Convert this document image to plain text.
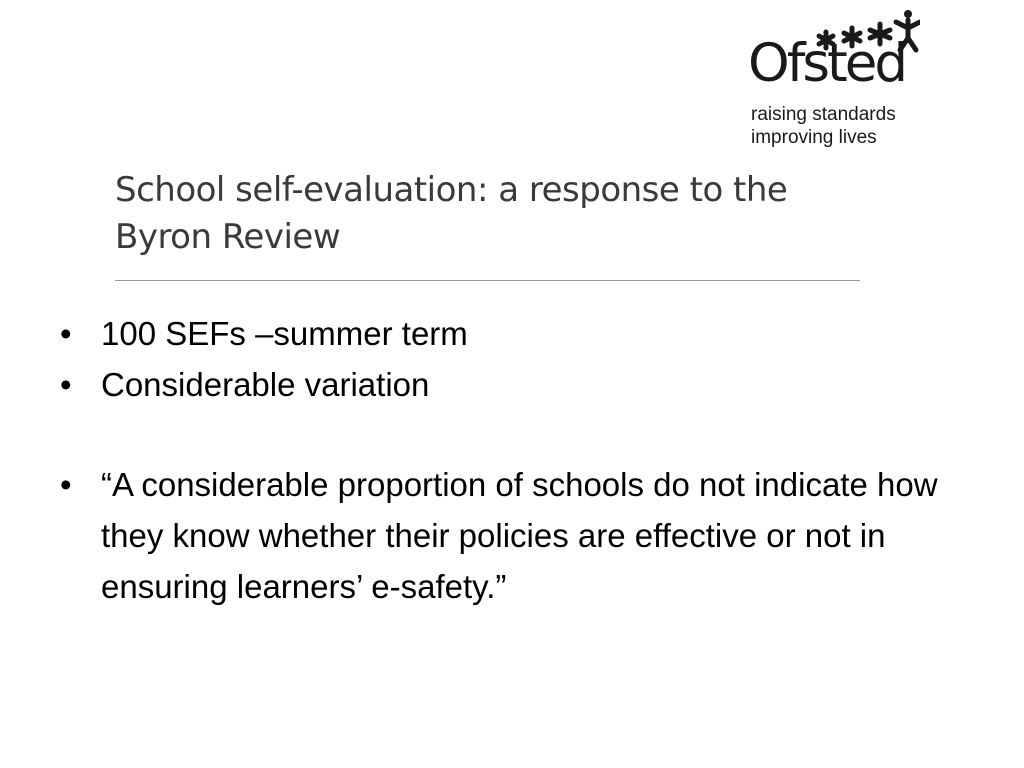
Ofsted
raising standards
improving lives
School self-evaluation: a response to the Byron Review
• 100 SEFs –summer term
• Considerable variation
• “A considerable proportion of schools do not indicate how they know whether their policies are effective or not in ensuring learners’ e-safety.”
